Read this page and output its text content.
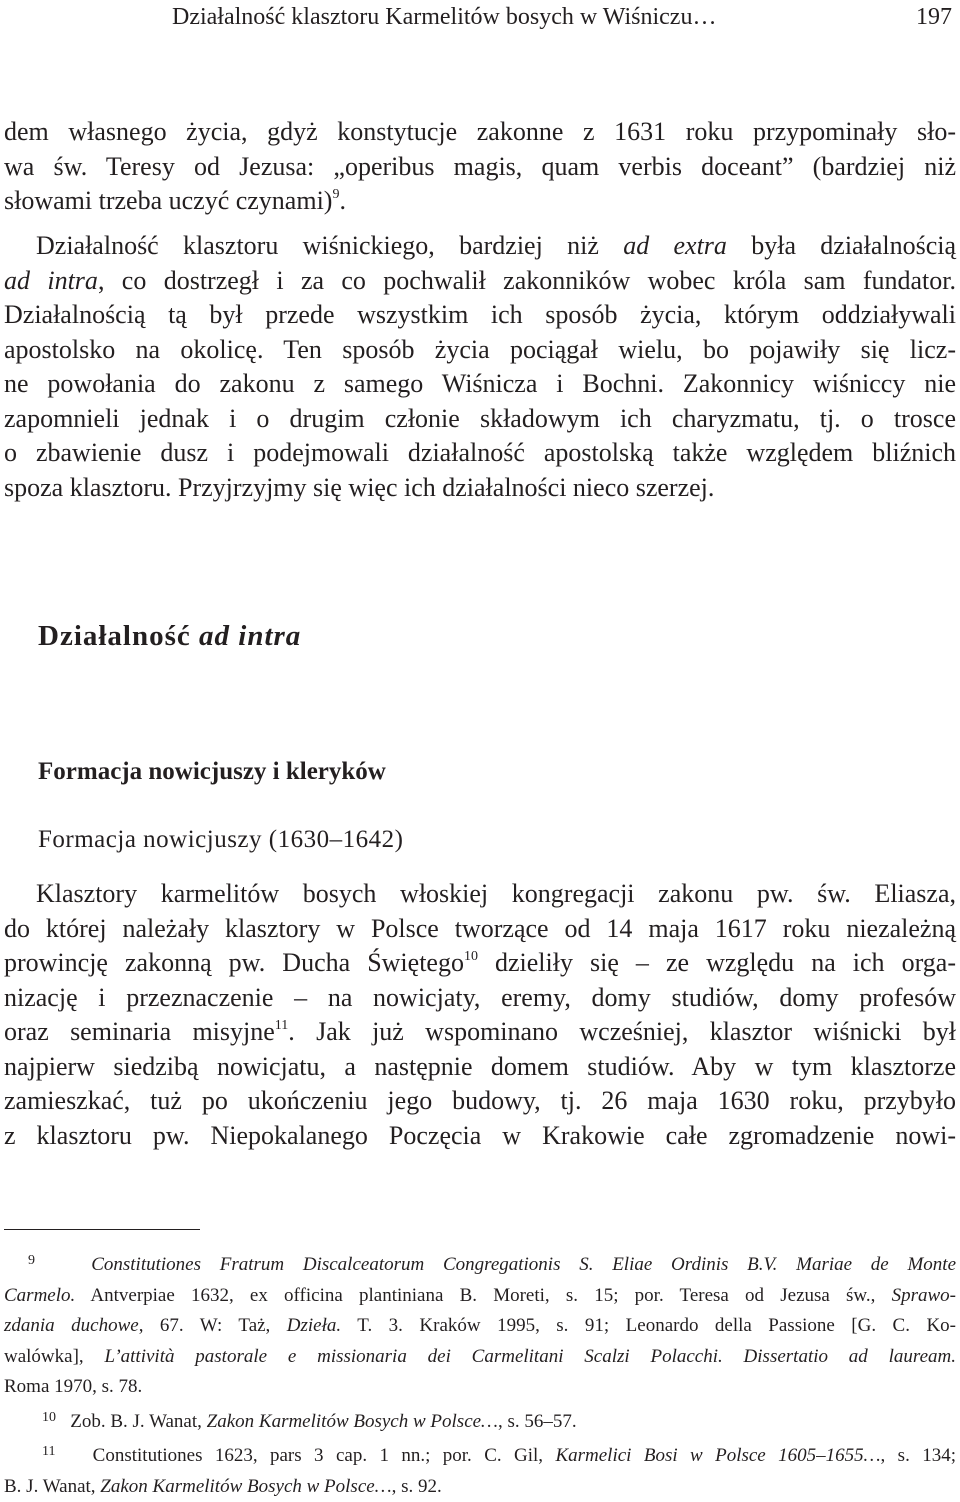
Działalność klasztoru Karmelitów bosych w Wiśniczu…	197
dem własnego życia, gdyż konstytucje zakonne z 1631 roku przypominały sło-
wa św. Teresy od Jezusa: „operibus magis, quam verbis doceant” (bardziej niż
słowami trzeba uczyć czynami)$^9$.
Działalność klasztoru wiśnickiego, bardziej niż ad extra była działalnością
ad intra, co dostrzegł i za co pochwalił zakonników wobec króla sam fundator.
Działalnością tą był przede wszystkim ich sposób życia, którym oddziaływali
apostolsko na okolicę. Ten sposób życia pociągał wielu, bo pojawiły się licz-
ne powołania do zakonu z samego Wiśnicza i Bochni. Zakonnicy wiśniccy nie
zapomnieli jednak i o drugim członie składowym ich charyzmatu, tj. o trosce
o zbawienie dusz i podejmowali działalność apostolską także względem bliźnich
spoza klasztoru. Przyjrzyjmy się więc ich działalności nieco szerzej.
Działalność ad intra
Formacja nowicjuszy i kleryków
Formacja nowicjuszy (1630–1642)
Klasztory karmelitów bosych włoskiej kongregacji zakonu pw. św. Eliasza,
do której należały klasztory w Polsce tworzące od 14 maja 1617 roku niezależną
prowincję zakonną pw. Ducha Świętego$^{10}$ dzieliły się – ze względu na ich orga-
nizację i przeznaczenie – na nowicjaty, eremy, domy studiów, domy profesów
oraz seminaria misyjne$^{11}$. Jak już wspominano wcześniej, klasztor wiśnicki był
najpierw siedzibą nowicjatu, a następnie domem studiów. Aby w tym klasztorze
zamieszkać, tuż po ukończeniu jego budowy, tj. 26 maja 1630 roku, przybyło
z klasztoru pw. Niepokalanego Poczęcia w Krakowie całe zgromadzenie nowi-
9	Constitutiones Fratrum Discalceatorum Congregationis S. Eliae Ordinis B.V. Mariae de Monte
Carmelo. Antverpiae 1632, ex officina plantiniana B. Moreti, s. 15; por. Teresa od Jezusa św., Sprawo-
zdania duchowe, 67. W: Taż, Dzieła. T. 3. Kraków 1995, s. 91; Leonardo della Passione [G. C. Ko-
walówka], L’attività pastorale e missionaria dei Carmelitani Scalzi Polacchi. Dissertatio ad lauream.
Roma 1970, s. 78.
10 Zob. B. J. Wanat, Zakon Karmelitów Bosych w Polsce…, s. 56–57.
11 Constitutiones 1623, pars 3 cap. 1 nn.; por. C. Gil, Karmelici Bosi w Polsce 1605–1655…, s. 134;
B. J. Wanat, Zakon Karmelitów Bosych w Polsce…, s. 92.
